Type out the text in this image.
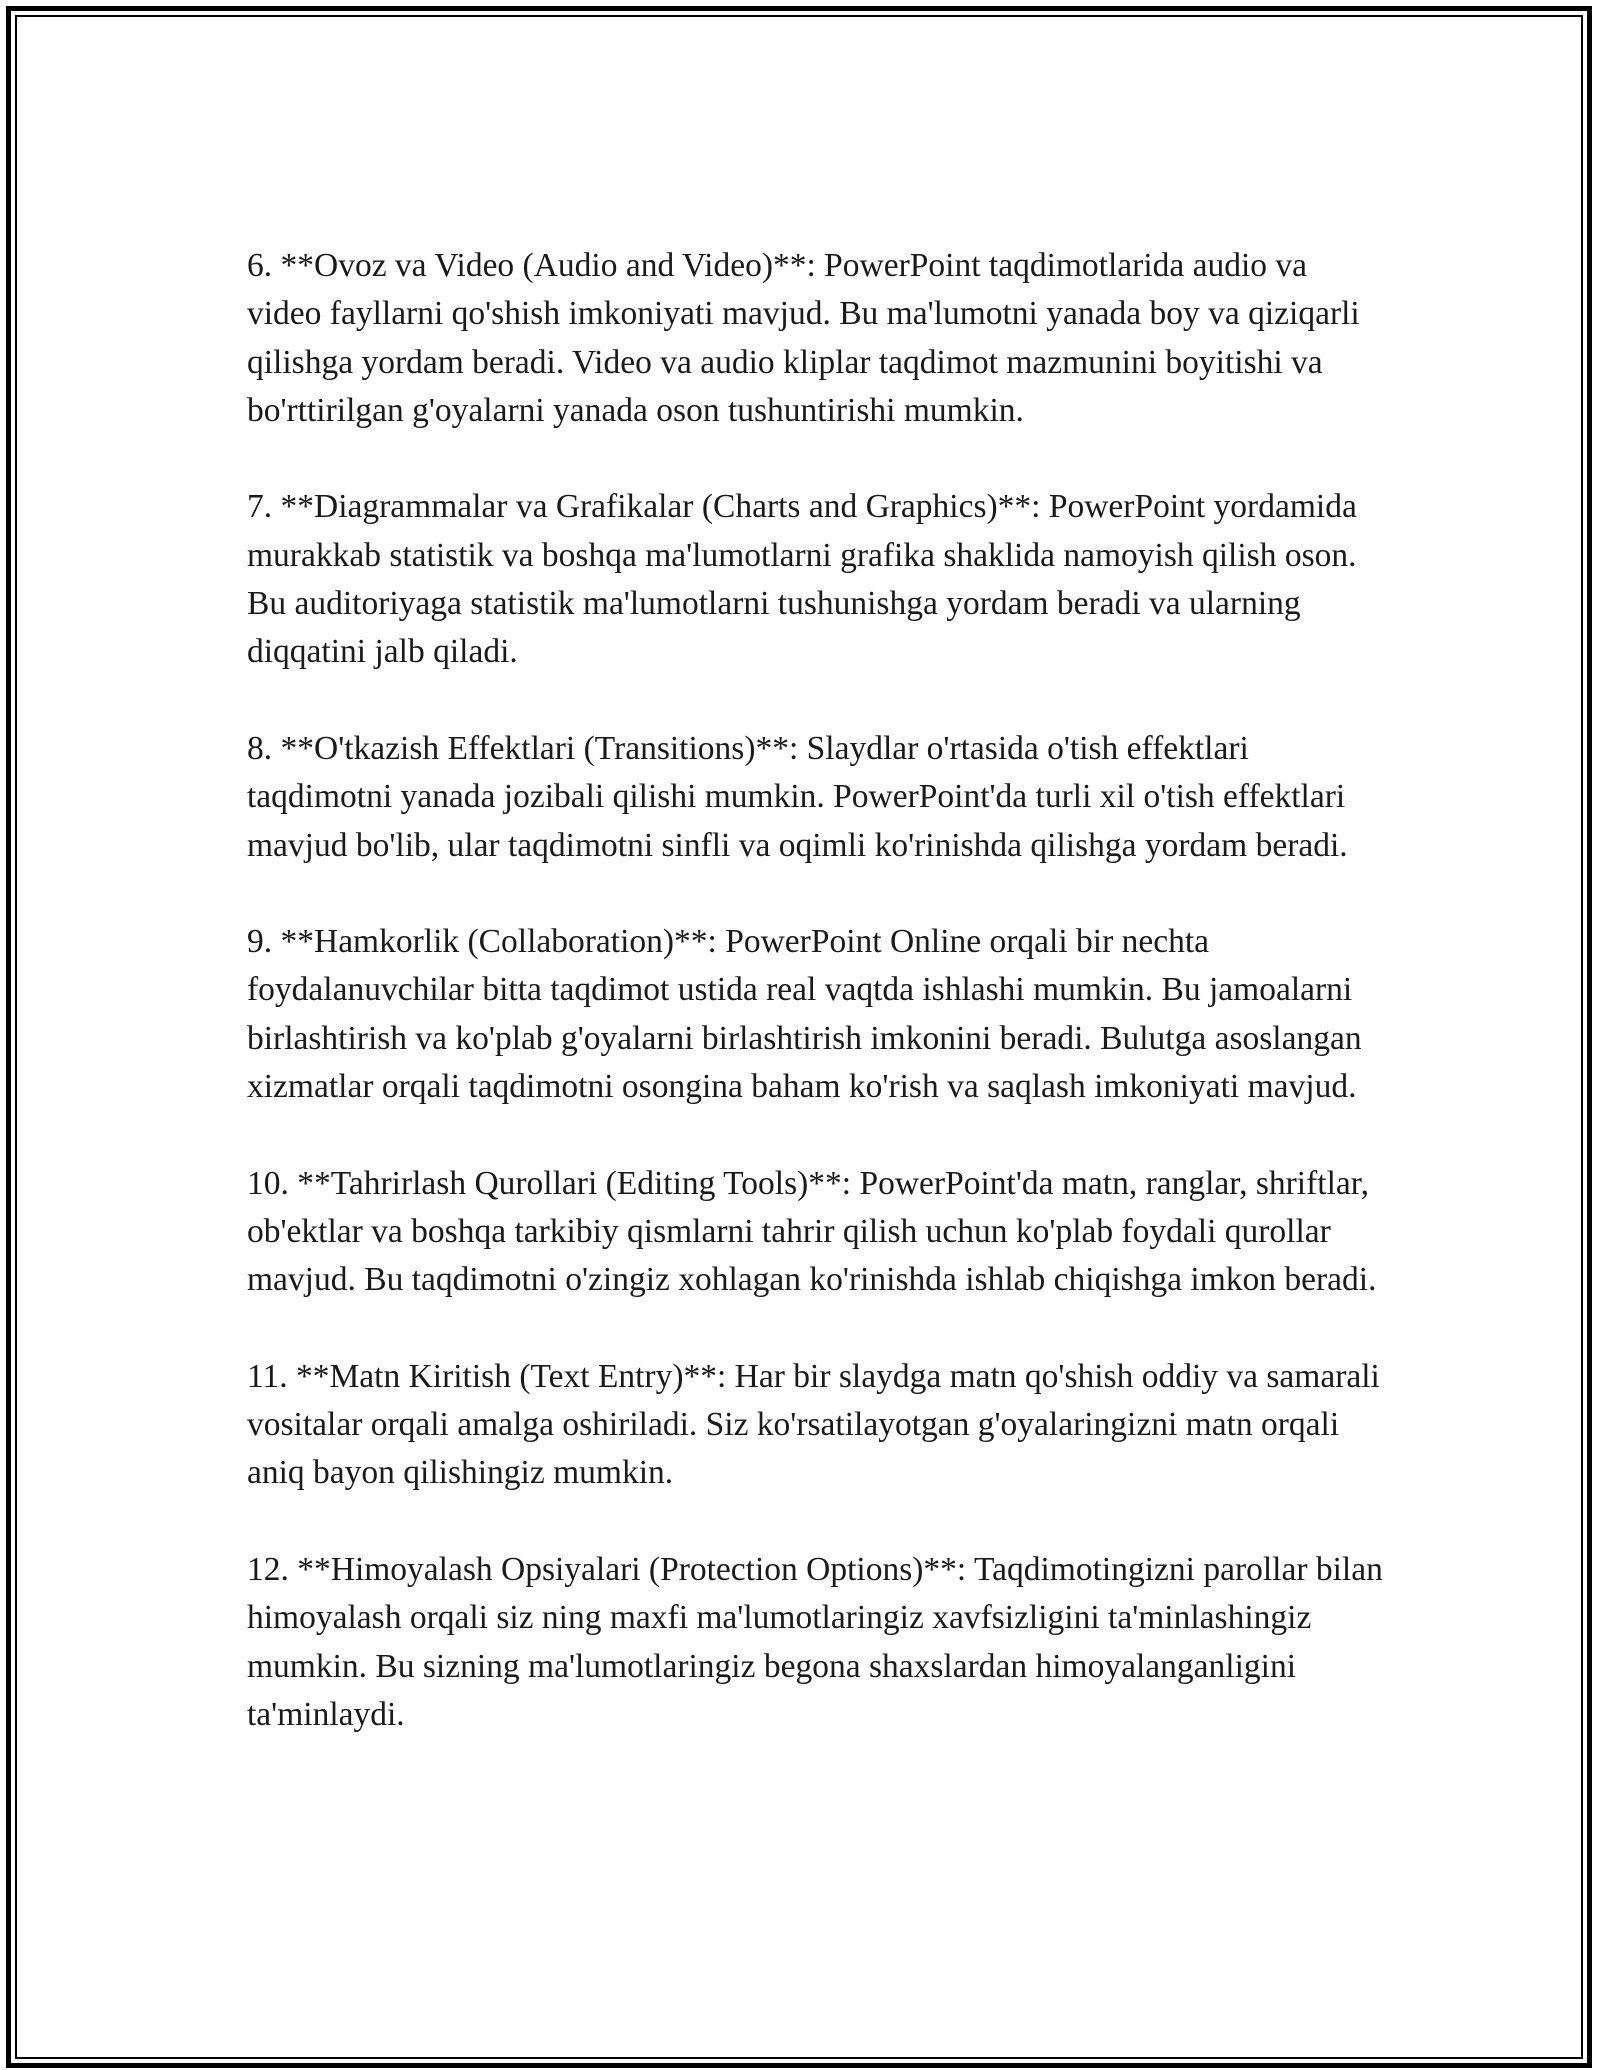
6. **Ovoz va Video (Audio and Video)**: PowerPoint taqdimotlarida audio va video fayllarni qo'shish imkoniyati mavjud. Bu ma'lumotni yanada boy va qiziqarli qilishga yordam beradi. Video va audio kliplar taqdimot mazmunini boyitishi va bo'rttirilgan g'oyalarni yanada oson tushuntirishi mumkin.

7. **Diagrammalar va Grafikalar (Charts and Graphics)**: PowerPoint yordamida murakkab statistik va boshqa ma'lumotlarni grafika shaklida namoyish qilish oson. Bu auditoriyaga statistik ma'lumotlarni tushunishga yordam beradi va ularning diqqatini jalb qiladi.

8. **O'tkazish Effektlari (Transitions)**: Slaydlar o'rtasida o'tish effektlari taqdimotni yanada jozibali qilishi mumkin. PowerPoint'da turli xil o'tish effektlari mavjud bo'lib, ular taqdimotni sinfli va oqimli ko'rinishda qilishga yordam beradi.

9. **Hamkorlik (Collaboration)**: PowerPoint Online orqali bir nechta foydalanuvchilar bitta taqdimot ustida real vaqtda ishlashi mumkin. Bu jamoalarni birlashtirish va ko'plab g'oyalarni birlashtirish imkonini beradi. Bulutga asoslangan xizmatlar orqali taqdimotni osongina baham ko'rish va saqlash imkoniyati mavjud.

10. **Tahrirlash Qurollari (Editing Tools)**: PowerPoint'da matn, ranglar, shriftlar, ob'ektlar va boshqa tarkibiy qismlarni tahrir qilish uchun ko'plab foydali qurollar mavjud. Bu taqdimotni o'zingiz xohlagan ko'rinishda ishlab chiqishga imkon beradi.

11. **Matn Kiritish (Text Entry)**: Har bir slaydga matn qo'shish oddiy va samarali vositalar orqali amalga oshiriladi. Siz ko'rsatilayotgan g'oyalaringizni matn orqali aniq bayon qilishingiz mumkin.

12. **Himoyalash Opsiyalari (Protection Options)**: Taqdimotingizni parollar bilan himoyalash orqali siz ning maxfi ma'lumotlaringiz xavfsizligini ta'minlashingiz mumkin. Bu sizning ma'lumotlaringiz begona shaxslardan himoyalanganligini ta'minlaydi.
